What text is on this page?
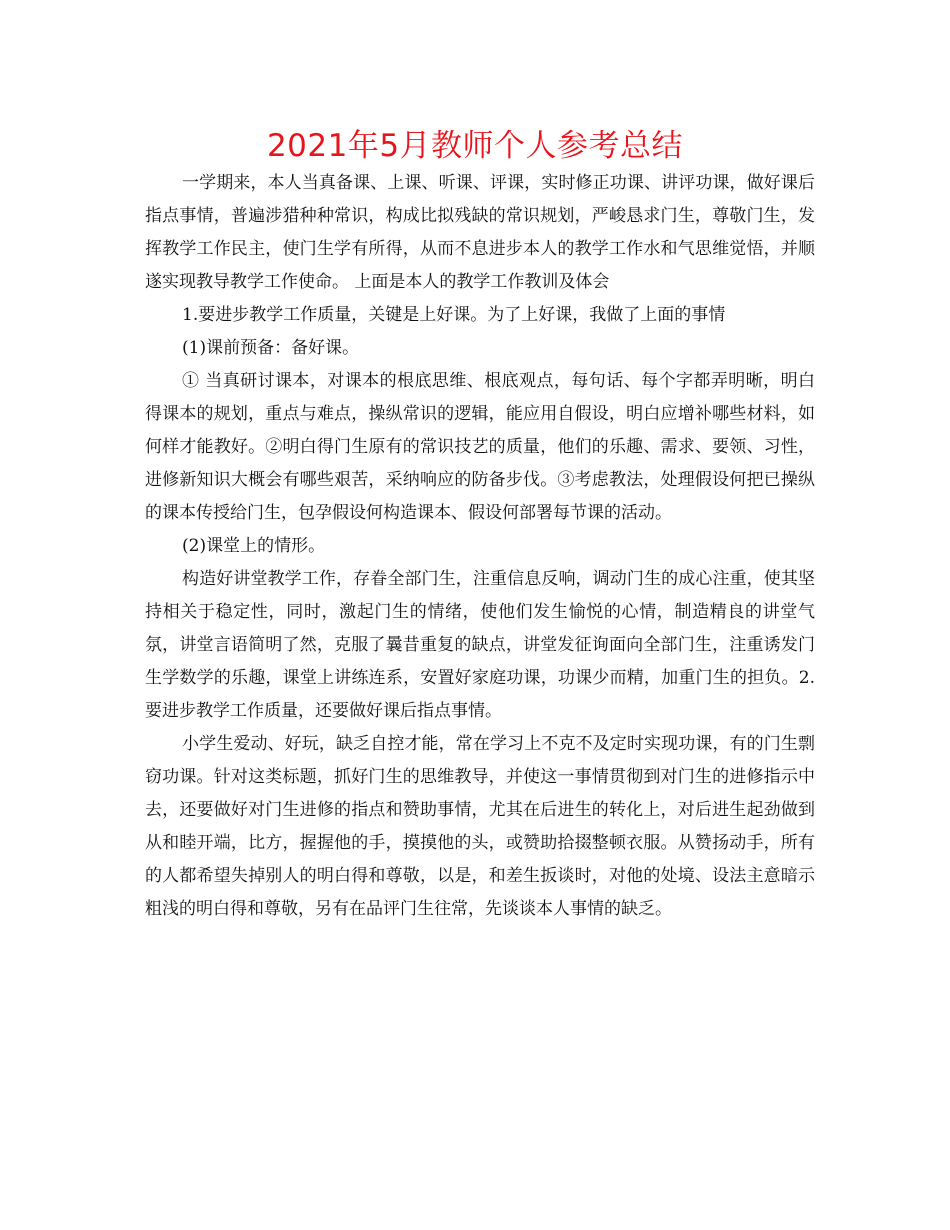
2021年5月教师个人参考总结

一学期来，本人当真备课、上课、听课、评课，实时修正功课、讲评功课，做好课后指点事情，普遍涉猎种种常识，构成比拟残缺的常识规划，严峻恳求门生，尊敬门生，发挥教学工作民主，使门生学有所得，从而不息进步本人的教学工作水和气思维觉悟，并顺遂实现教导教学工作使命。 上面是本人的教学工作教训及体会

1.要进步教学工作质量，关键是上好课。为了上好课，我做了上面的事情

(1)课前预备：备好课。

① 当真研讨课本，对课本的根底思维、根底观点，每句话、每个字都弄明晰，明白得课本的规划，重点与难点，操纵常识的逻辑，能应用自假设，明白应增补哪些材料，如何样才能教好。②明白得门生原有的常识技艺的质量，他们的乐趣、需求、要领、习性，进修新知识大概会有哪些艰苦，采纳响应的防备步伐。③考虑教法，处理假设何把已操纵的课本传授给门生，包孕假设何构造课本、假设何部署每节课的活动。

(2)课堂上的情形。

构造好讲堂教学工作，存眷全部门生，注重信息反响，调动门生的成心注重，使其坚持相关于稳定性，同时，激起门生的情绪，使他们发生愉悦的心情，制造精良的讲堂气氛，讲堂言语简明了然，克服了曩昔重复的缺点，讲堂发征询面向全部门生，注重诱发门生学数学的乐趣，课堂上讲练连系，安置好家庭功课，功课少而精，加重门生的担负。2.要进步教学工作质量，还要做好课后指点事情。

小学生爱动、好玩，缺乏自控才能，常在学习上不克不及定时实现功课，有的门生剽窃功课。针对这类标题，抓好门生的思维教导，并使这一事情贯彻到对门生的进修指示中去，还要做好对门生进修的指点和赞助事情，尤其在后进生的转化上，对后进生起劲做到从和睦开端，比方，握握他的手，摸摸他的头，或赞助拾掇整顿衣服。从赞扬动手，所有的人都希望失掉别人的明白得和尊敬，以是，和差生扳谈时，对他的处境、设法主意暗示粗浅的明白得和尊敬，另有在品评门生往常，先谈谈本人事情的缺乏。
